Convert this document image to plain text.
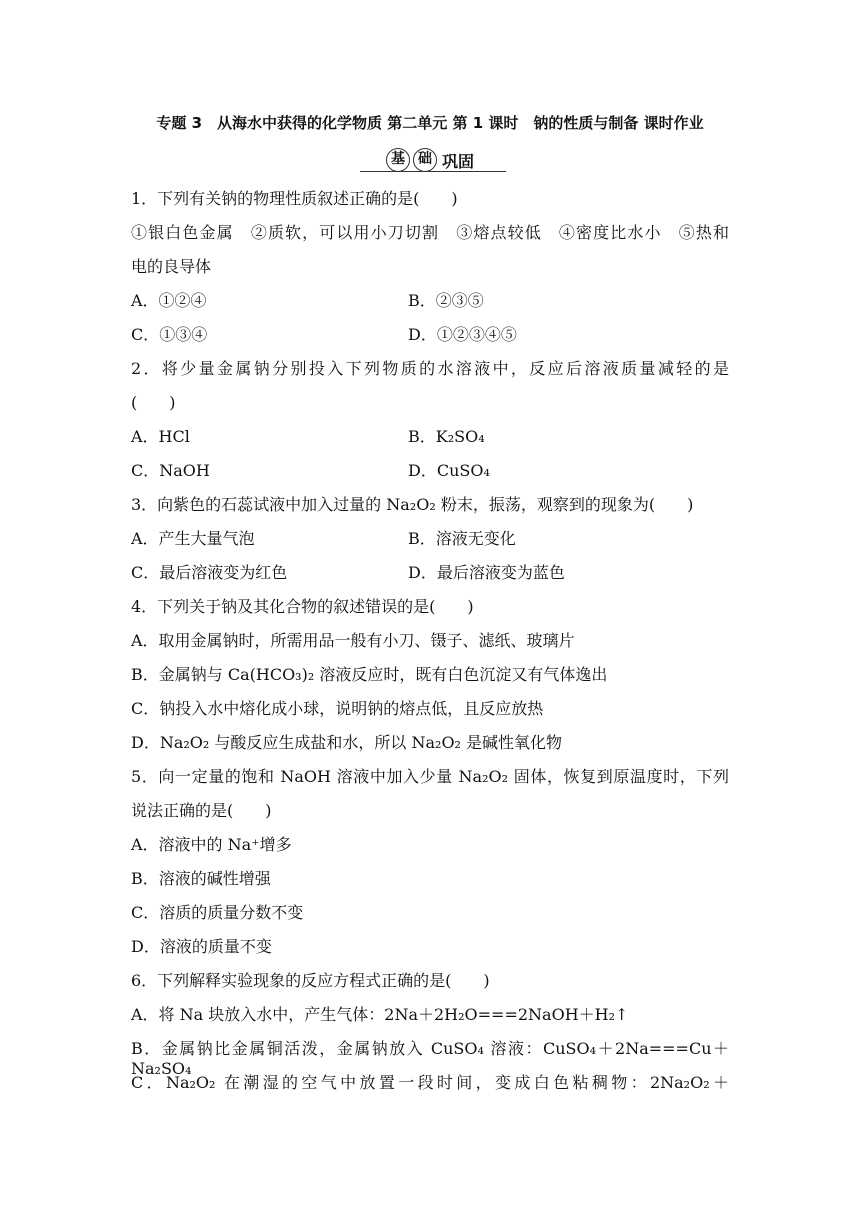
专题 3　从海水中获得的化学物质 第二单元 第 1 课时　钠的性质与制备 课时作业
基 础 巩固
1．下列有关钠的物理性质叙述正确的是(　　)
①银白色金属　②质软，可以用小刀切割　③熔点较低　④密度比水小　⑤热和
电的良导体
A．①②④	B．②③⑤
C．①③④	D．①②③④⑤
2．将少量金属钠分别投入下列物质的水溶液中，反应后溶液质量减轻的是
(　　)
A．HCl	B．K₂SO₄
C．NaOH	D．CuSO₄
3．向紫色的石蕊试液中加入过量的 Na₂O₂ 粉末，振荡，观察到的现象为(　　)
A．产生大量气泡	B．溶液无变化
C．最后溶液变为红色	D．最后溶液变为蓝色
4．下列关于钠及其化合物的叙述错误的是(　　)
A．取用金属钠时，所需用品一般有小刀、镊子、滤纸、玻璃片
B．金属钠与 Ca(HCO₃)₂ 溶液反应时，既有白色沉淀又有气体逸出
C．钠投入水中熔化成小球，说明钠的熔点低，且反应放热
D．Na₂O₂ 与酸反应生成盐和水，所以 Na₂O₂ 是碱性氧化物
5．向一定量的饱和 NaOH 溶液中加入少量 Na₂O₂ 固体，恢复到原温度时，下列
说法正确的是(　　)
A．溶液中的 Na⁺增多
B．溶液的碱性增强
C．溶质的质量分数不变
D．溶液的质量不变
6．下列解释实验现象的反应方程式正确的是(　　)
A．将 Na 块放入水中，产生气体：2Na＋2H₂O===2NaOH＋H₂↑
B．金属钠比金属铜活泼，金属钠放入 CuSO₄ 溶液：CuSO₄＋2Na===Cu＋Na₂SO₄
C．Na₂O₂ 在潮湿的空气中放置一段时间，变成白色粘稠物：2Na₂O₂＋
